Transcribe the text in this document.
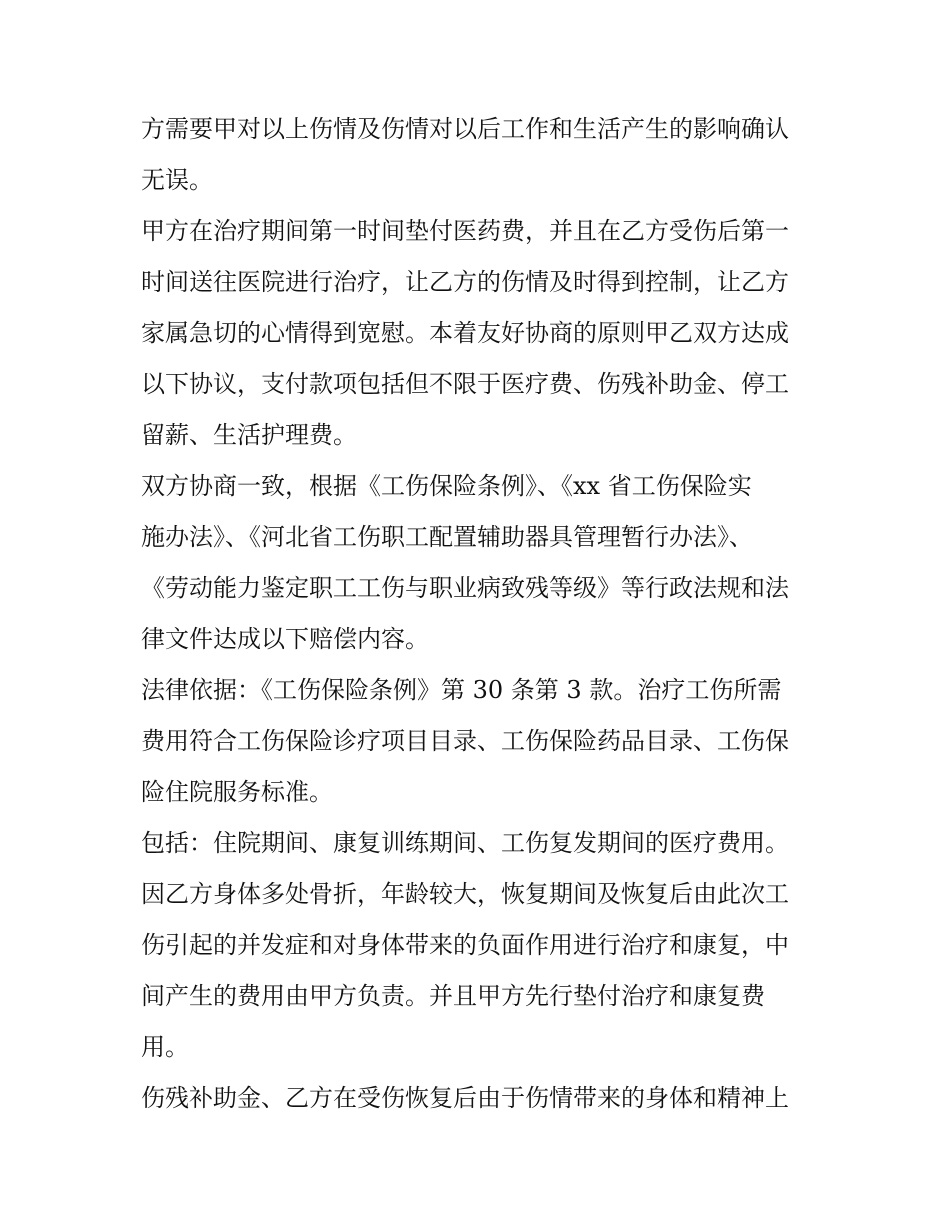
方需要甲对以上伤情及伤情对以后工作和生活产生的影响确认
无误。
甲方在治疗期间第一时间垫付医药费，并且在乙方受伤后第一
时间送往医院进行治疗，让乙方的伤情及时得到控制，让乙方
家属急切的心情得到宽慰。本着友好协商的原则甲乙双方达成
以下协议，支付款项包括但不限于医疗费、伤残补助金、停工
留薪、生活护理费。
双方协商一致，根据《工伤保险条例》、《xx 省工伤保险实
施办法》、《河北省工伤职工配置辅助器具管理暂行办法》、
《劳动能力鉴定职工工伤与职业病致残等级》等行政法规和法
律文件达成以下赔偿内容。
法律依据：《工伤保险条例》第 30 条第 3 款。治疗工伤所需
费用符合工伤保险诊疗项目目录、工伤保险药品目录、工伤保
险住院服务标准。
包括：住院期间、康复训练期间、工伤复发期间的医疗费用。
因乙方身体多处骨折，年龄较大，恢复期间及恢复后由此次工
伤引起的并发症和对身体带来的负面作用进行治疗和康复，中
间产生的费用由甲方负责。并且甲方先行垫付治疗和康复费
用。
伤残补助金、乙方在受伤恢复后由于伤情带来的身体和精神上
